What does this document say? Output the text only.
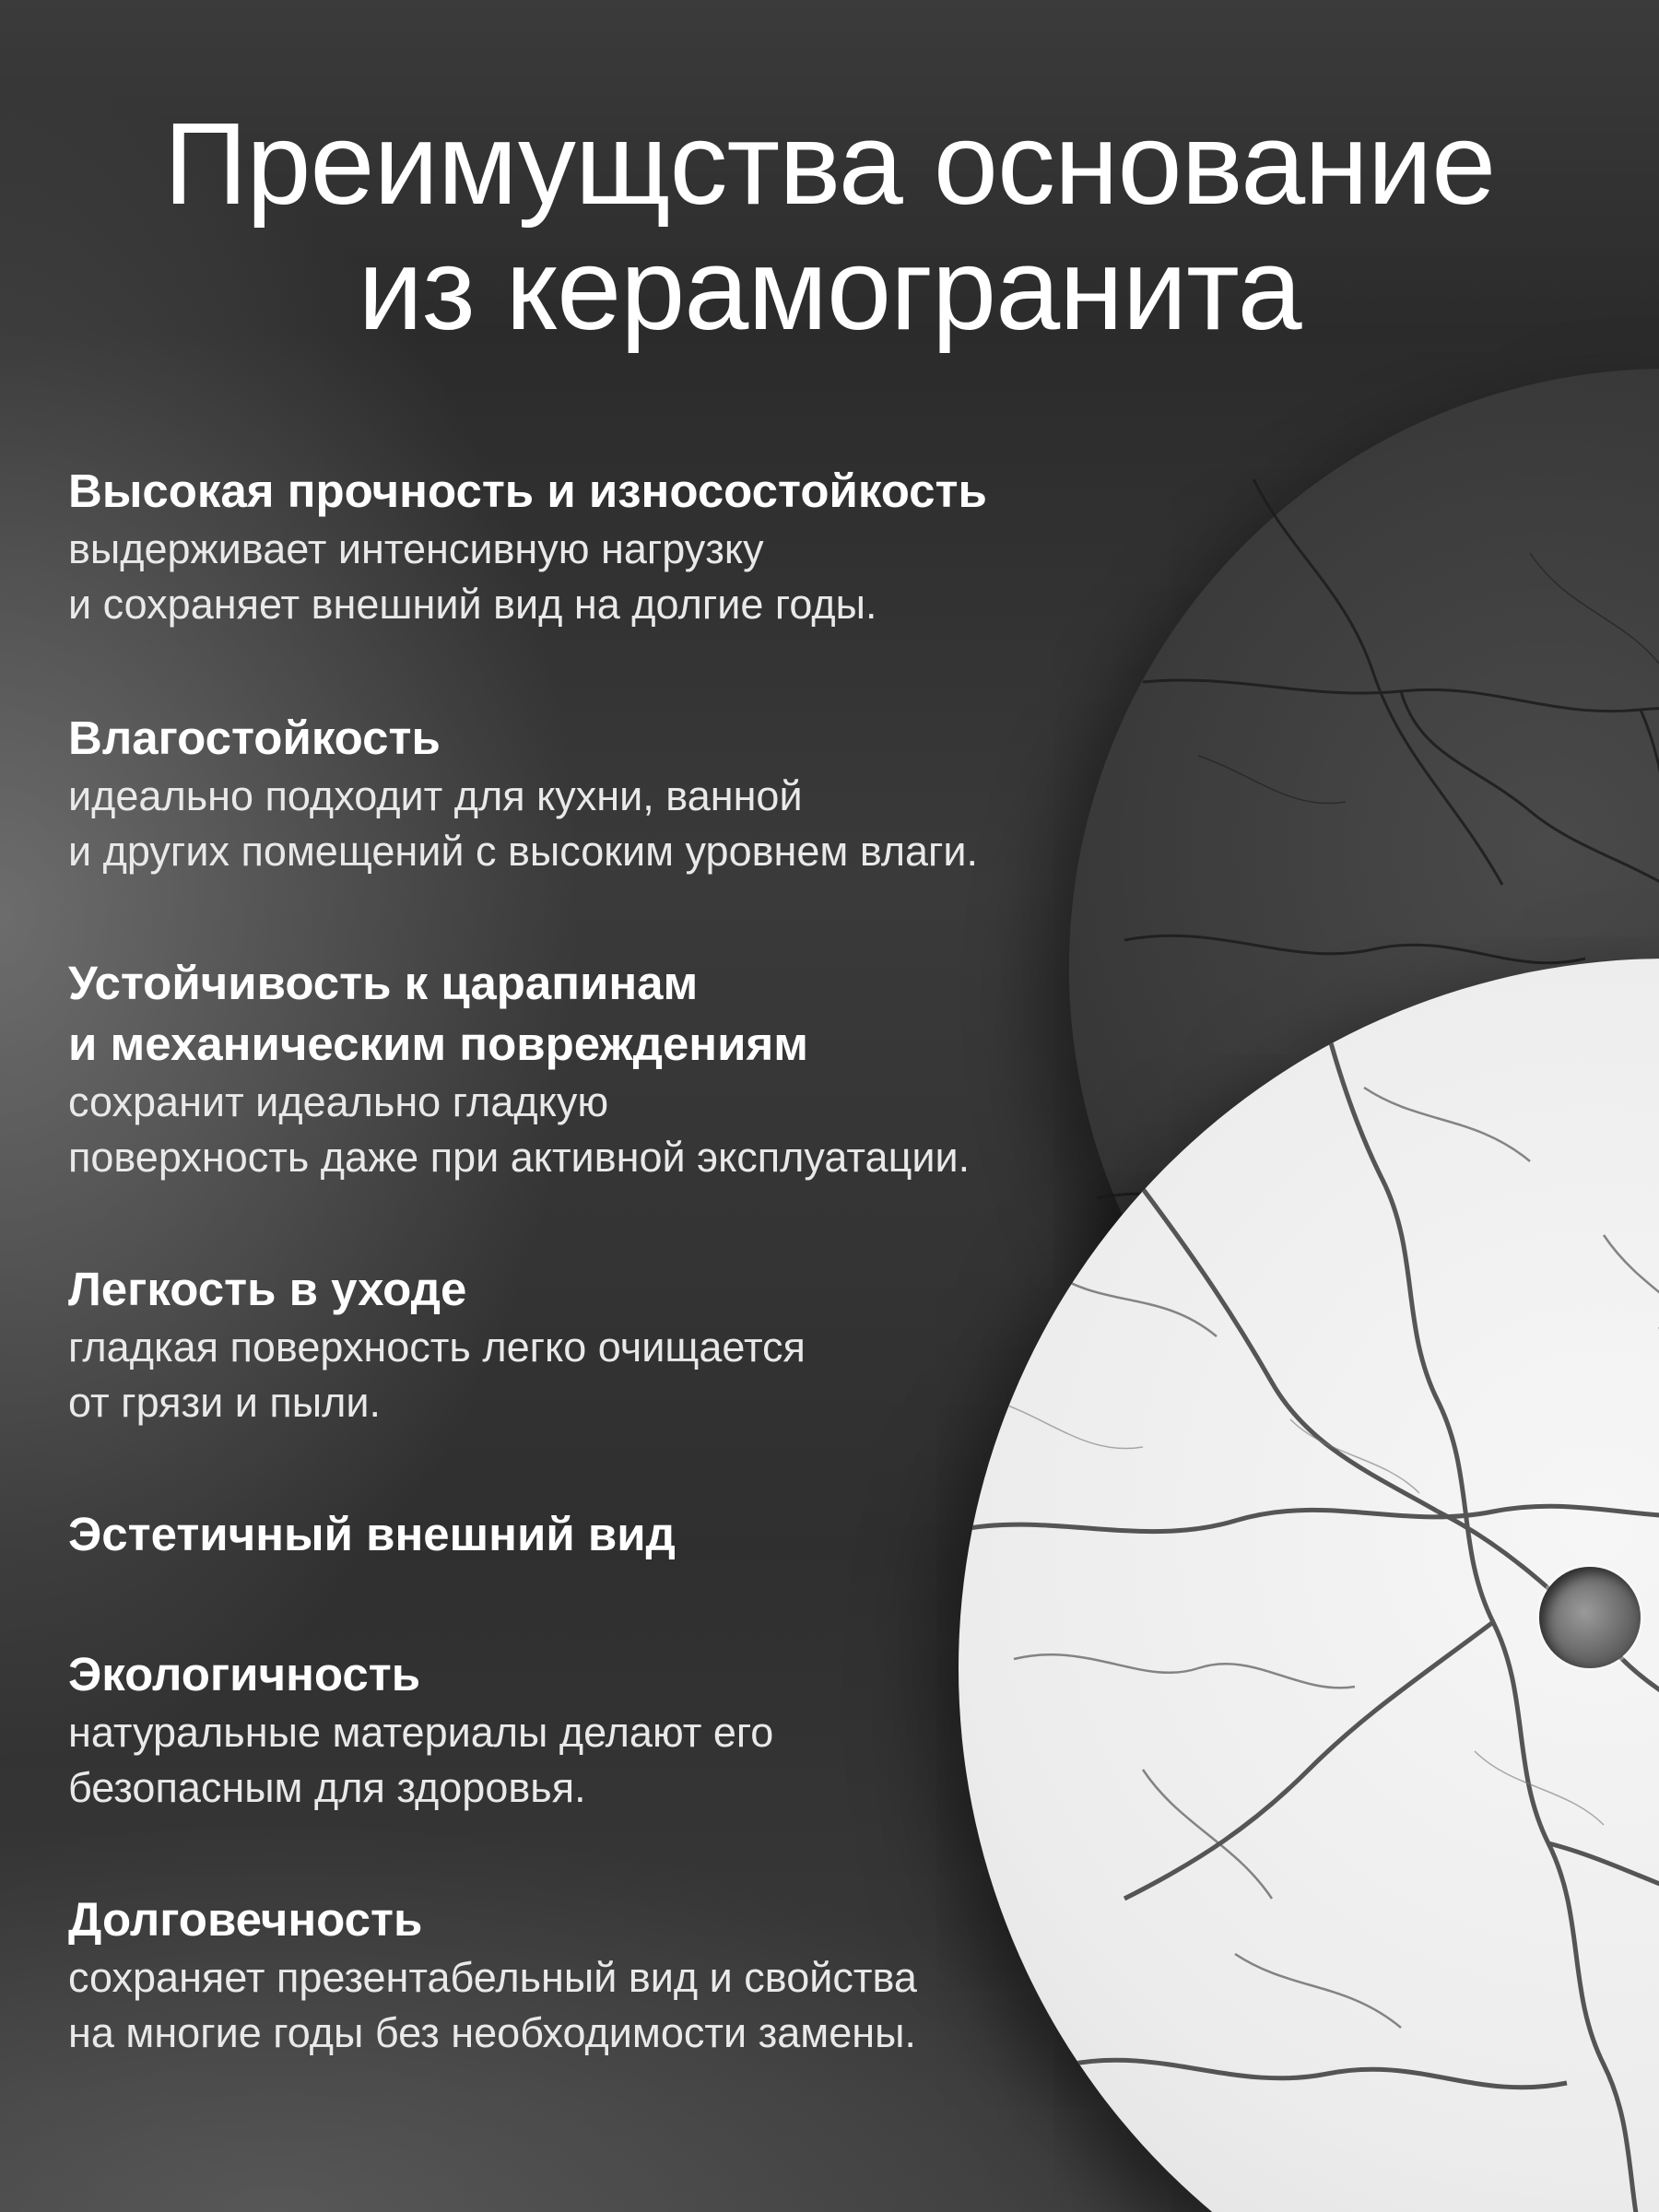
Преимущства основание
из керамогранита
Высокая прочность и износостойкость
выдерживает интенсивную нагрузку
и сохраняет внешний вид на долгие годы.
Влагостойкость
идеально подходит для кухни, ванной
и других помещений с высоким уровнем влаги.
Устойчивость к царапинам
и механическим повреждениям
сохранит идеально гладкую
поверхность даже при активной эксплуатации.
Легкость в уходе
гладкая поверхность легко очищается
от грязи и пыли.
Эстетичный внешний вид
Экологичность
натуральные материалы делают его
безопасным для здоровья.
Долговечность
сохраняет презентабельный вид и свойства
на многие годы без необходимости замены.
